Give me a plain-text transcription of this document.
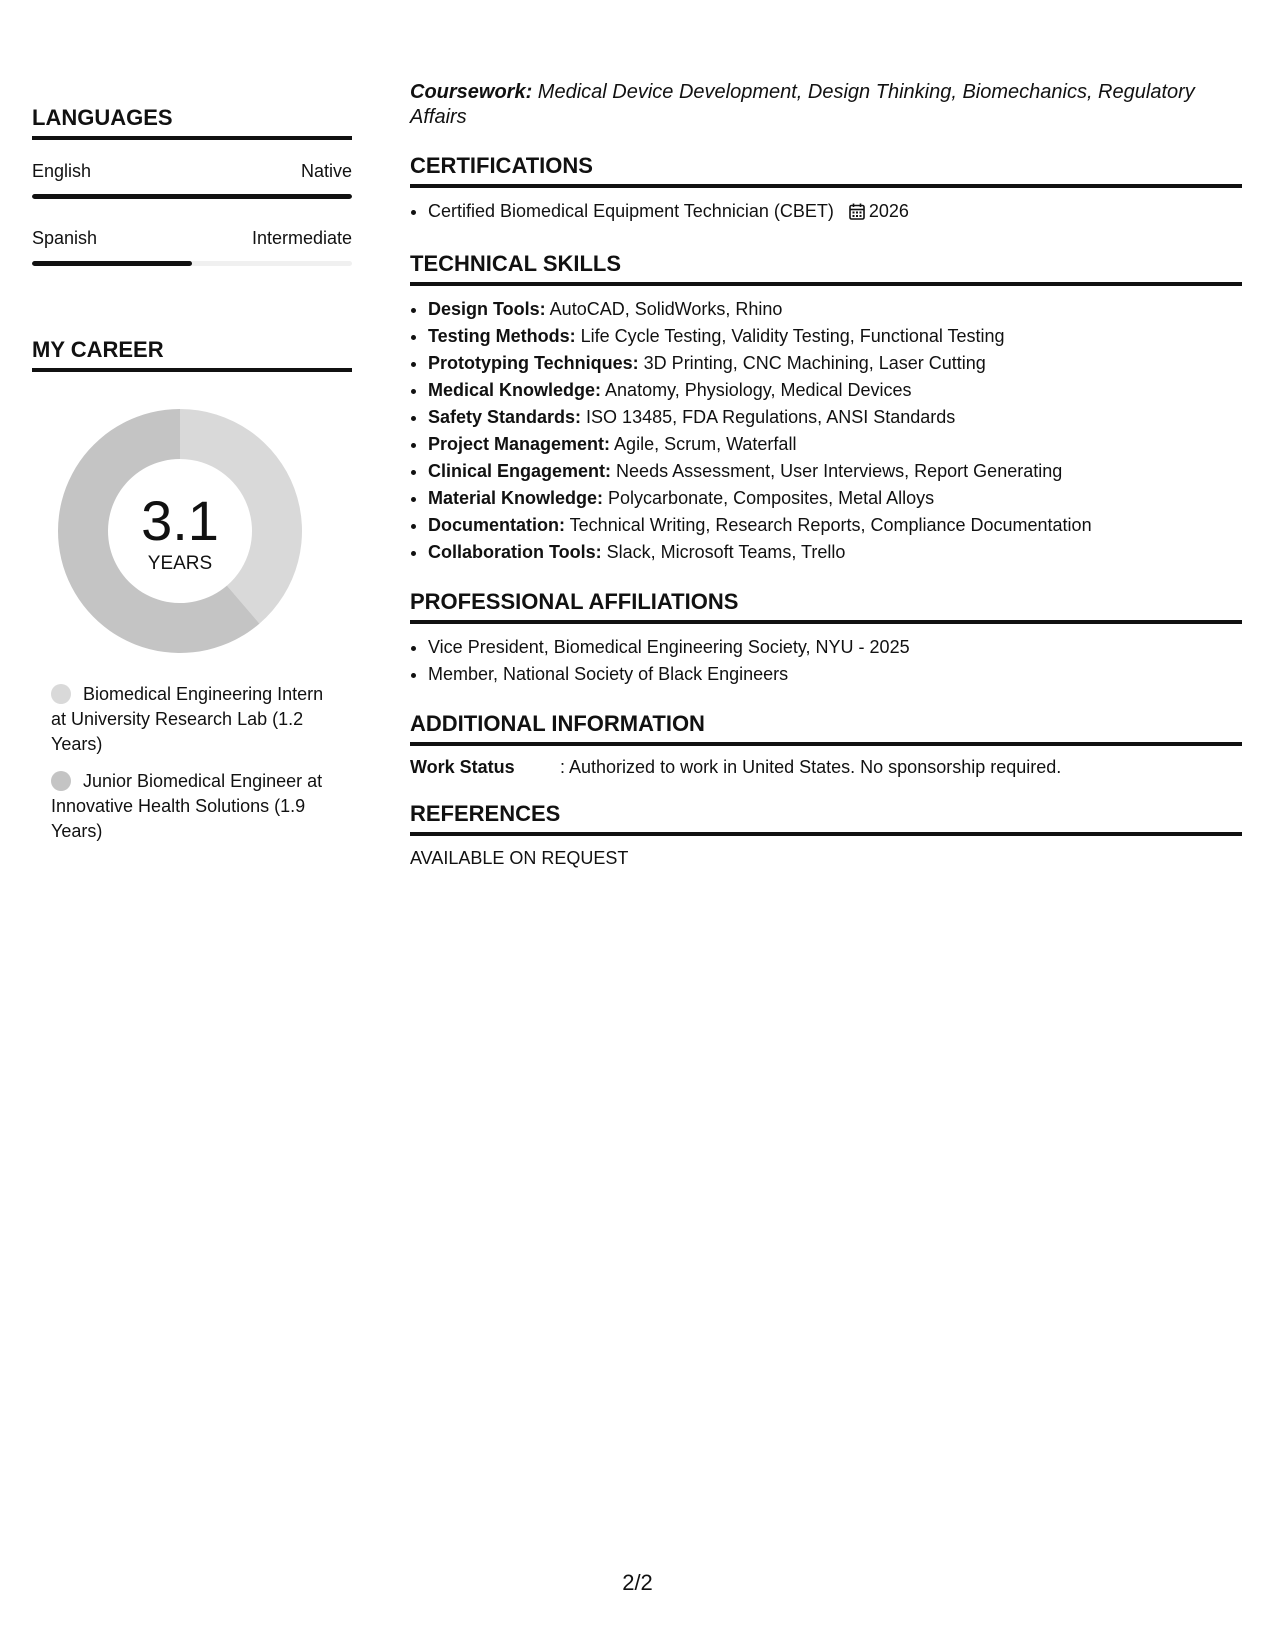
LANGUAGES
English	Native
Spanish	Intermediate
MY CAREER
3.1
YEARS
Biomedical Engineering Intern at University Research Lab (1.2 Years)
Junior Biomedical Engineer at Innovative Health Solutions (1.9 Years)

Coursework: Medical Device Development, Design Thinking, Biomechanics, Regulatory Affairs

CERTIFICATIONS
• Certified Biomedical Equipment Technician (CBET) 2026
TECHNICAL SKILLS
• Design Tools: AutoCAD, SolidWorks, Rhino
• Testing Methods: Life Cycle Testing, Validity Testing, Functional Testing
• Prototyping Techniques: 3D Printing, CNC Machining, Laser Cutting
• Medical Knowledge: Anatomy, Physiology, Medical Devices
• Safety Standards: ISO 13485, FDA Regulations, ANSI Standards
• Project Management: Agile, Scrum, Waterfall
• Clinical Engagement: Needs Assessment, User Interviews, Report Generating
• Material Knowledge: Polycarbonate, Composites, Metal Alloys
• Documentation: Technical Writing, Research Reports, Compliance Documentation
• Collaboration Tools: Slack, Microsoft Teams, Trello
PROFESSIONAL AFFILIATIONS
• Vice President, Biomedical Engineering Society, NYU - 2025
• Member, National Society of Black Engineers
ADDITIONAL INFORMATION
Work Status	: Authorized to work in United States. No sponsorship required.
REFERENCES
AVAILABLE ON REQUEST
2/2
